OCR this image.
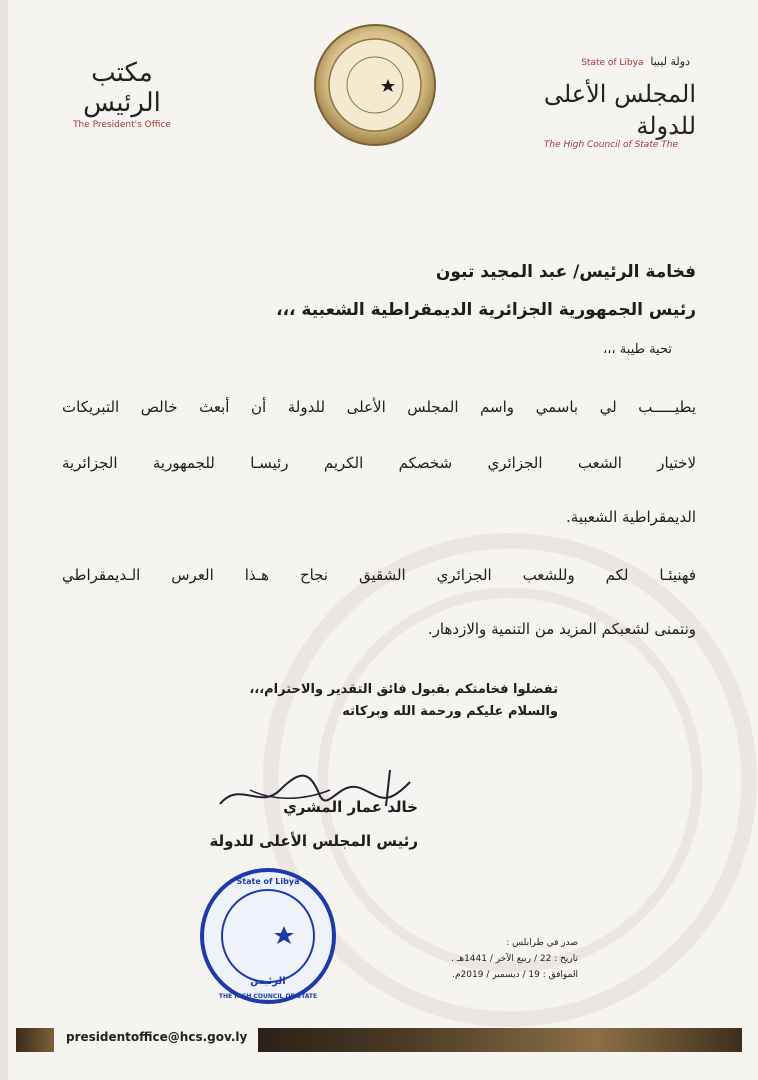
مكتب الرئيس
The President's Office
State of Libya دولة ليبيا
المجلس الأعلى للدولة
The High Council of State The
فخامة الرئيس/ عبد المجيد تبون
رئيس الجمهورية الجزائرية الديمقراطية الشعبية ،،،
تحية طيبة ،،،
يطيـــــب لي باسمي واسم المجلس الأعلى للدولة أن أبعث خالص التبريكات
لاختيار الشعب الجزائري شخصكم الكريم رئيسـا للجمهورية الجزائرية
الديمقراطية الشعبية.
فهنيئـا لكم وللشعب الجزائري الشقيق نجاح هـذا العرس الـديمقراطي
ونتمنى لشعبكم المزيد من التنمية والازدهار.
تفضلوا فخامتكم بقبول فائق التقدير والاحترام،،،
والسلام عليكم ورحمة الله وبركاته
خالد عمار المشري
رئيس المجلس الأعلى للدولة
State of Libya
الرئيس
THE HIGH COUNCIL OF STATE
صدر في طرابلس :
تاريخ : 22 / ربيع الآخر / 1441هـ .
الموافق : 19 / ديسمبر / 2019م.
presidentoffice@hcs.gov.ly
